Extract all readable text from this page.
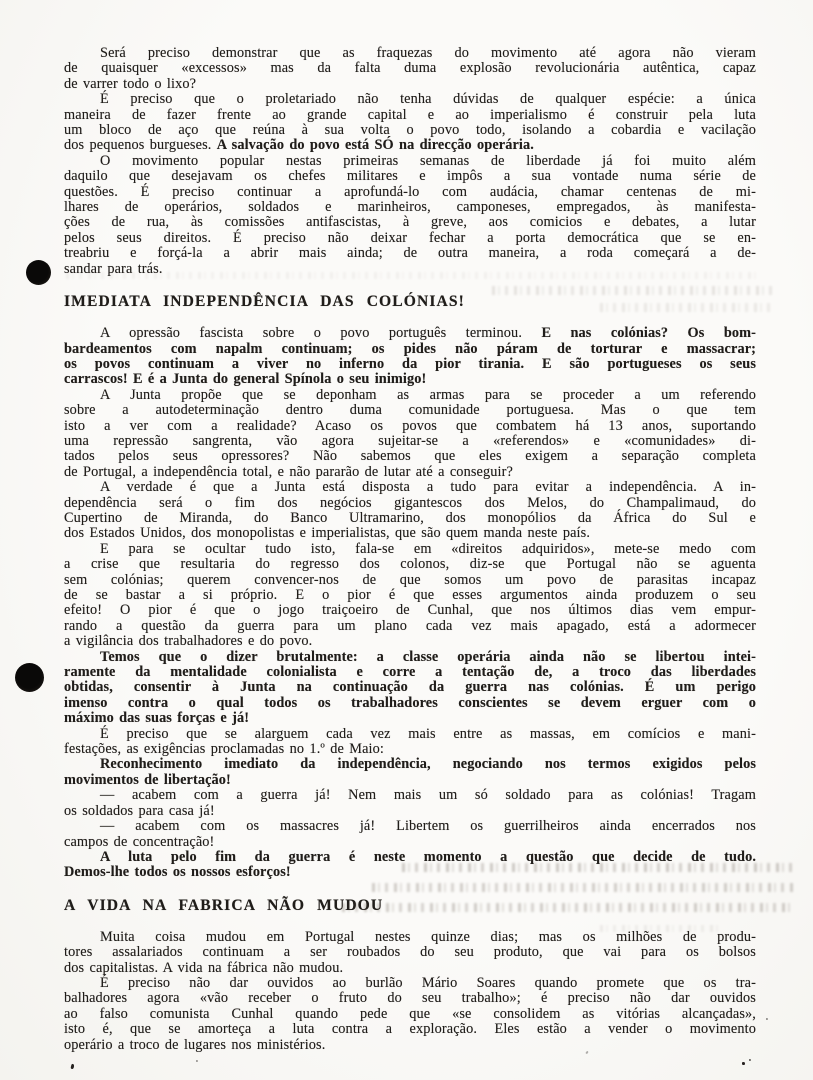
Será preciso demonstrar que as fraquezas do movimento até agora não vieram
de quaisquer «excessos» mas da falta duma explosão revolucionária autêntica, capaz
de varrer todo o lixo?
É preciso que o proletariado não tenha dúvidas de qualquer espécie: a única
maneira de fazer frente ao grande capital e ao imperialismo é construir pela luta
um bloco de aço que reúna à sua volta o povo todo, isolando a cobardia e vacilação
dos pequenos burgueses. A salvação do povo está SÓ na direcção operária.
O movimento popular nestas primeiras semanas de liberdade já foi muito além
daquilo que desejavam os chefes militares e impôs a sua vontade numa série de
questões. É preciso continuar a aprofundá-lo com audácia, chamar centenas de mi-
lhares de operários, soldados e marinheiros, camponeses, empregados, às manifesta-
ções de rua, às comissões antifascistas, à greve, aos comicios e debates, a lutar
pelos seus direitos. É preciso não deixar fechar a porta democrática que se en-
treabriu e forçá-la a abrir mais ainda; de outra maneira, a roda começará a de-
sandar para trás.
IMEDIATA INDEPENDÊNCIA DAS COLÓNIAS!
A opressão fascista sobre o povo português terminou. E nas colónias? Os bom-
bardeamentos com napalm continuam; os pides não páram de torturar e massacrar;
os povos continuam a viver no inferno da pior tirania. E são portugueses os seus
carrascos! E é a Junta do general Spínola o seu inimigo!
A Junta propõe que se deponham as armas para se proceder a um referendo
sobre a autodeterminação dentro duma comunidade portuguesa. Mas o que tem
isto a ver com a realidade? Acaso os povos que combatem há 13 anos, suportando
uma repressão sangrenta, vão agora sujeitar-se a «referendos» e «comunidades» di-
tados pelos seus opressores? Não sabemos que eles exigem a separação completa
de Portugal, a independência total, e não pararão de lutar até a conseguir?
A verdade é que a Junta está disposta a tudo para evitar a independência. A in-
dependência será o fim dos negócios gigantescos dos Melos, do Champalimaud, do
Cupertino de Miranda, do Banco Ultramarino, dos monopólios da África do Sul e
dos Estados Unidos, dos monopolistas e imperialistas, que são quem manda neste país.
E para se ocultar tudo isto, fala-se em «direitos adquiridos», mete-se medo com
a crise que resultaria do regresso dos colonos, diz-se que Portugal não se aguenta
sem colónias; querem convencer-nos de que somos um povo de parasitas incapaz
de se bastar a si próprio. E o pior é que esses argumentos ainda produzem o seu
efeito! O pior é que o jogo traiçoeiro de Cunhal, que nos últimos dias vem empur-
rando a questão da guerra para um plano cada vez mais apagado, está a adormecer
a vigilância dos trabalhadores e do povo.
Temos que o dizer brutalmente: a classe operária ainda não se libertou intei-
ramente da mentalidade colonialista e corre a tentação de, a troco das liberdades
obtidas, consentir à Junta na continuação da guerra nas colónias. É um perigo
imenso contra o qual todos os trabalhadores conscientes se devem erguer com o
máximo das suas forças e já!
É preciso que se alarguem cada vez mais entre as massas, em comícios e mani-
festações, as exigências proclamadas no 1.º de Maio:
Reconhecimento imediato da independência, negociando nos termos exigidos pelos
movimentos de libertação!
— acabem com a guerra já! Nem mais um só soldado para as colónias! Tragam
os soldados para casa já!
— acabem com os massacres já! Libertem os guerrilheiros ainda encerrados nos
campos de concentração!
A luta pelo fim da guerra é neste momento a questão que decide de tudo.
Demos-lhe todos os nossos esforços!
A VIDA NA FABRICA NÃO MUDOU
Muita coisa mudou em Portugal nestes quinze dias; mas os milhões de produ-
tores assalariados continuam a ser roubados do seu produto, que vai para os bolsos
dos capitalistas. A vida na fábrica não mudou.
É preciso não dar ouvidos ao burlão Mário Soares quando promete que os tra-
balhadores agora «vão receber o fruto do seu trabalho»; é preciso não dar ouvidos
ao falso comunista Cunhal quando pede que «se consolidem as vitórias alcançadas»,
isto é, que se amorteça a luta contra a exploração. Eles estão a vender o movimento
operário a troco de lugares nos ministérios.
